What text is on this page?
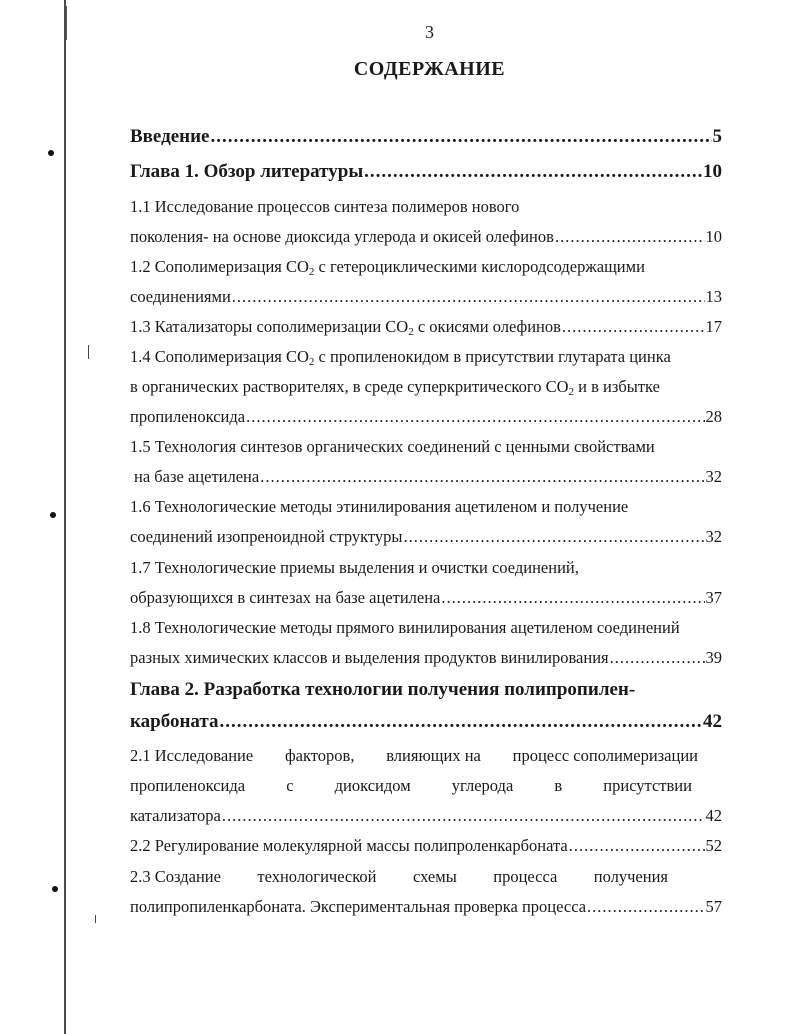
3
СОДЕРЖАНИЕ
Введение .....	5
Глава 1. Обзор литературы .....	10
1.1 Исследование процессов синтеза полимеров нового
поколения- на основе диоксида углерода и окисей олефинов .....	10
1.2 Сополимеризация $CO_2$ с гетероциклическими кислородсодержащими
соединениями .....	13
1.3 Катализаторы сополимеризации $CO_2$ с окисями олефинов .....	17
1.4 Сополимеризация $CO_2$ с пропиленокидом в присутствии глутарата цинка
в органических растворителях, в среде суперкритического $CO_2$ и в избытке
пропиленоксида .....	28
1.5 Технология синтезов органических соединений с ценными свойствами
на базе ацетилена .....	32
1.6 Технологические методы этинилирования ацетиленом и получение
соединений изопреноидной структуры .....	32
1.7 Технологические приемы выделения и очистки соединений,
образующихся в синтезах на базе ацетилена .....	37
1.8 Технологические методы прямого винилирования ацетиленом соединений
разных химических классов и выделения продуктов винилирования .....	39
Глава 2. Разработка технологии получения полипропилен-
карбоната .....	42
2.1 Исследование факторов, влияющих на процесс сополимеризации
пропиленоксида с диоксидом углерода в присутствии
катализатора .....	42
2.2 Регулирование молекулярной массы полипроленкарбоната .....	52
2.3 Создание технологической схемы процесса получения
полипропиленкарбоната. Экспериментальная проверка процесса .....	57
